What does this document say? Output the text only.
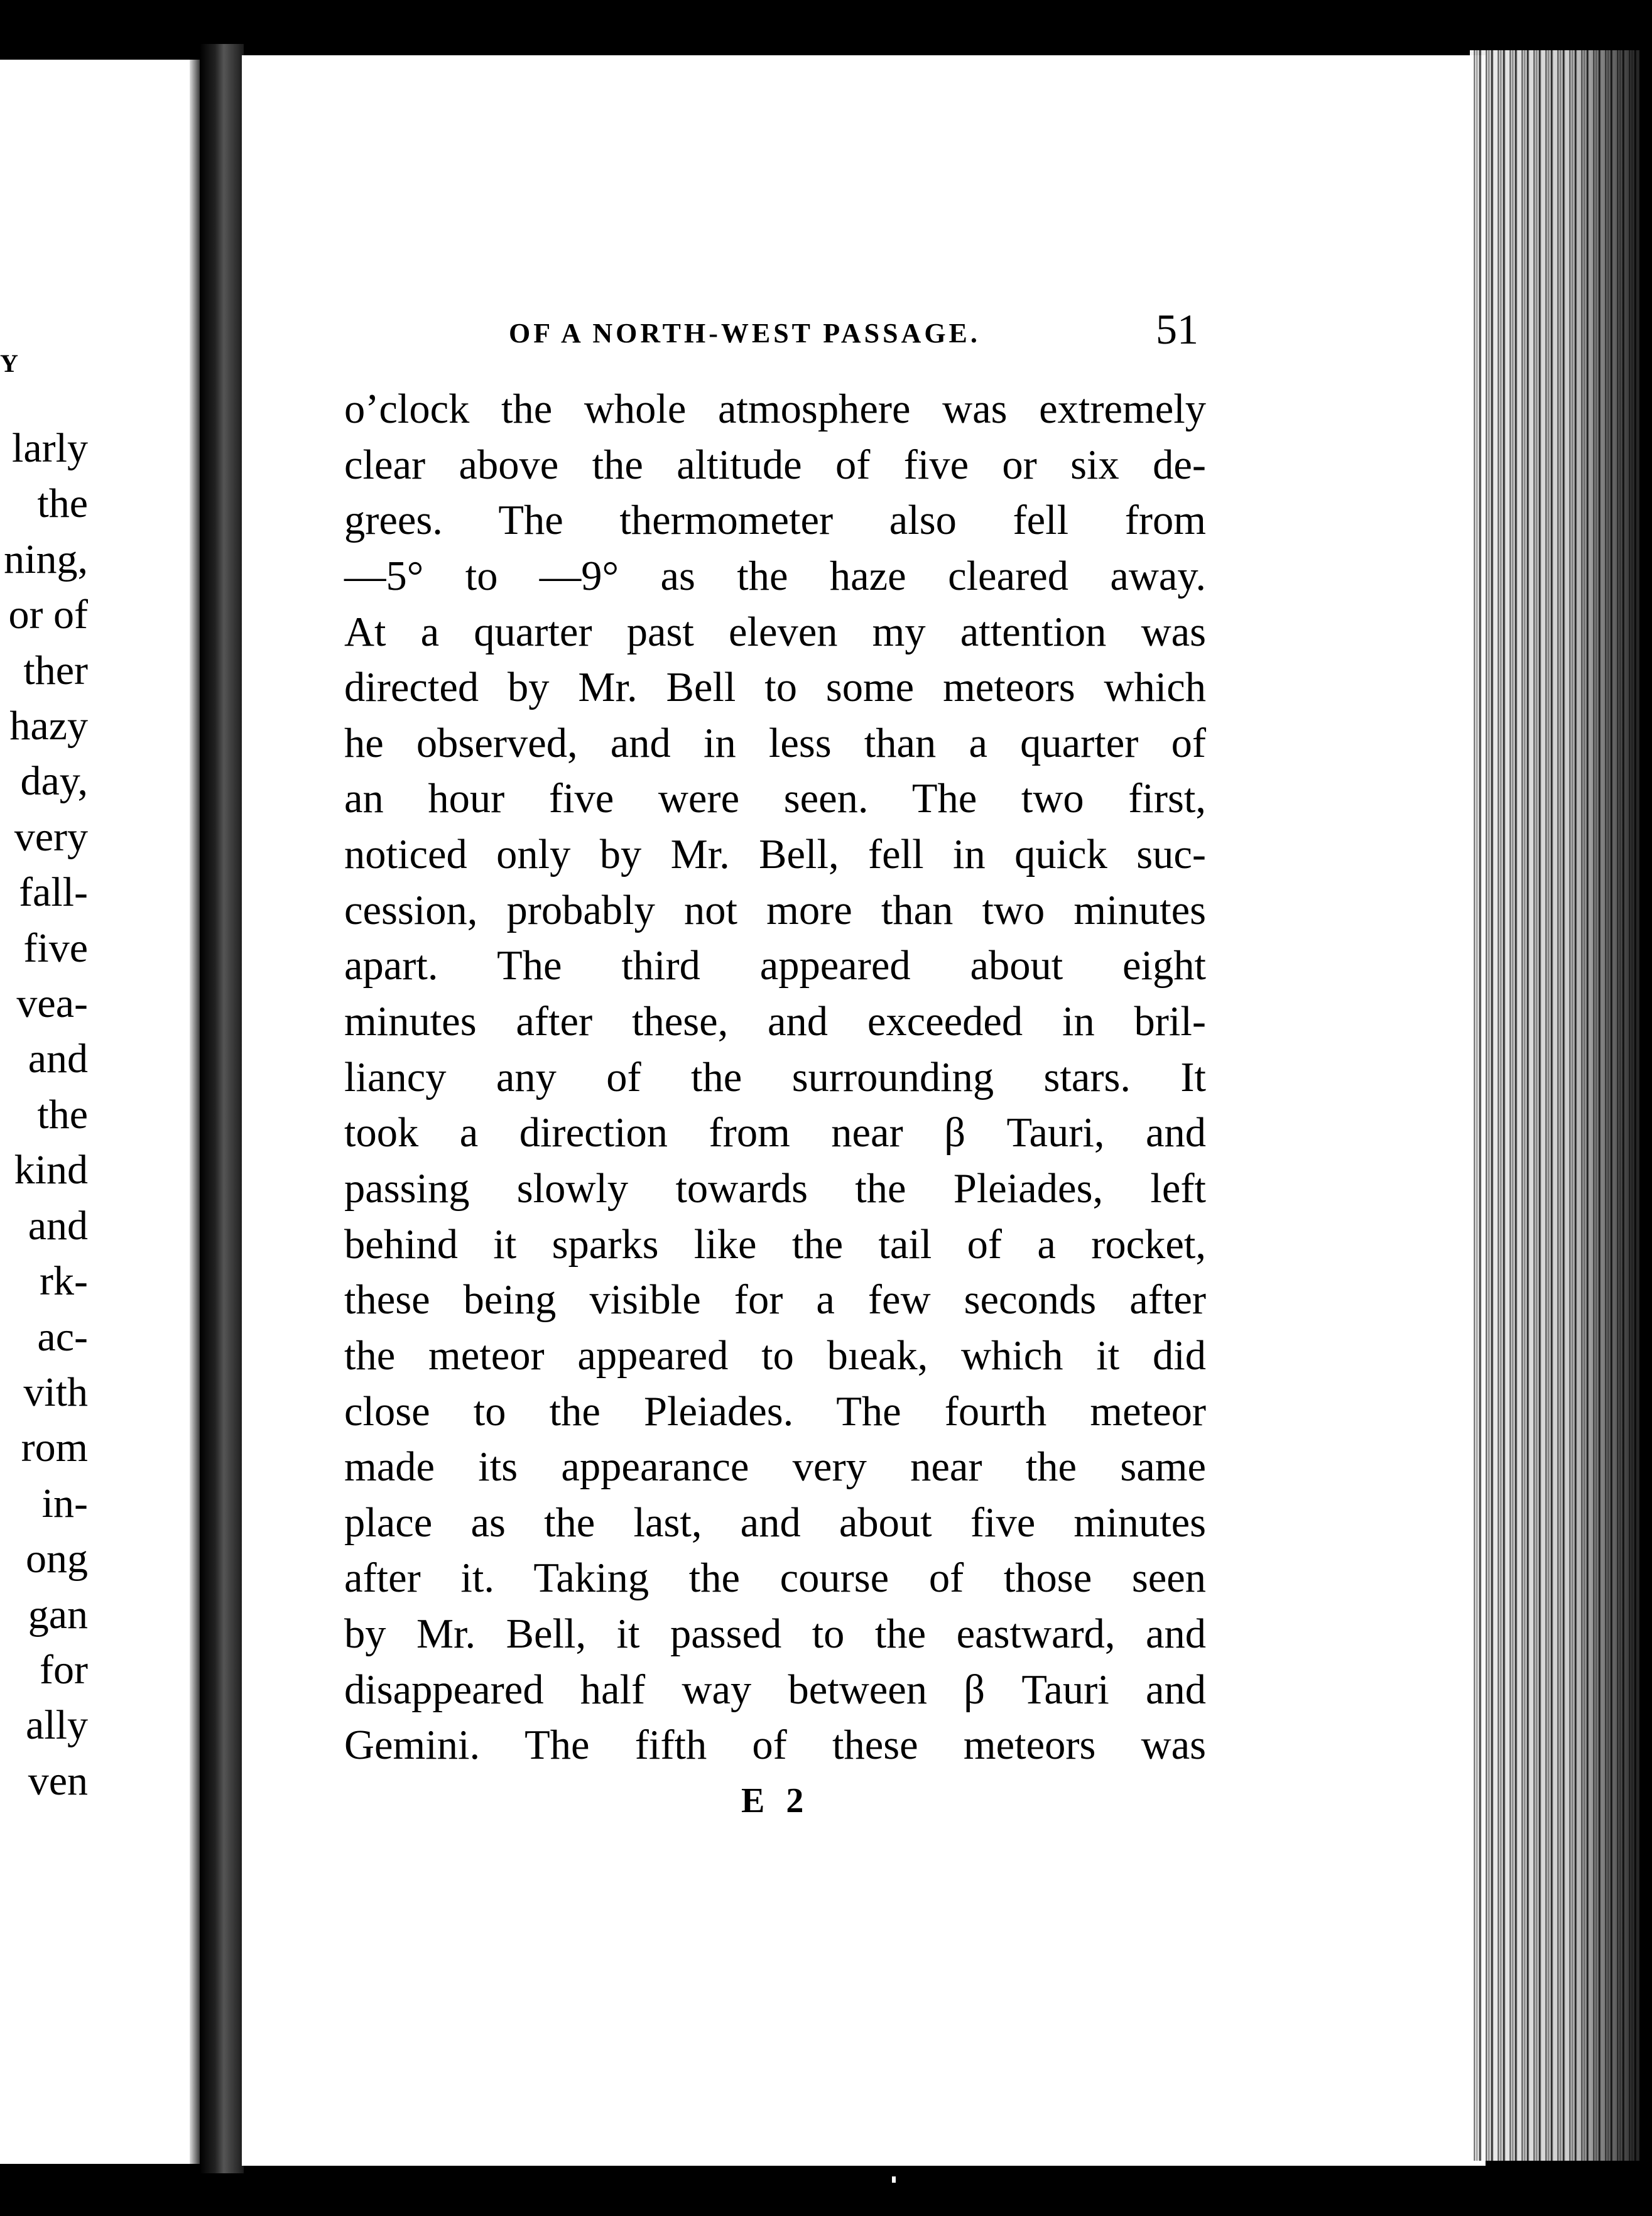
Y
larly
the
ning,
or of
ther
hazy
day,
very
fall-
five
vea-
and
the
kind
and
rk-
ac-
vith
rom
in-
ong
gan
for
ally
ven
OF A NORTH-WEST PASSAGE.	51
o’clock the whole atmosphere was extremely
clear above the altitude of five or six de-
grees. The thermometer also fell from
—5° to —9° as the haze cleared away.
At a quarter past eleven my attention was
directed by Mr. Bell to some meteors which
he observed, and in less than a quarter of
an hour five were seen. The two first,
noticed only by Mr. Bell, fell in quick suc-
cession, probably not more than two minutes
apart. The third appeared about eight
minutes after these, and exceeded in bril-
liancy any of the surrounding stars. It
took a direction from near β Tauri, and
passing slowly towards the Pleiades, left
behind it sparks like the tail of a rocket,
these being visible for a few seconds after
the meteor appeared to bıeak, which it did
close to the Pleiades. The fourth meteor
made its appearance very near the same
place as the last, and about five minutes
after it. Taking the course of those seen
by Mr. Bell, it passed to the eastward, and
disappeared half way between β Tauri and
Gemini. The fifth of these meteors was
E 2
